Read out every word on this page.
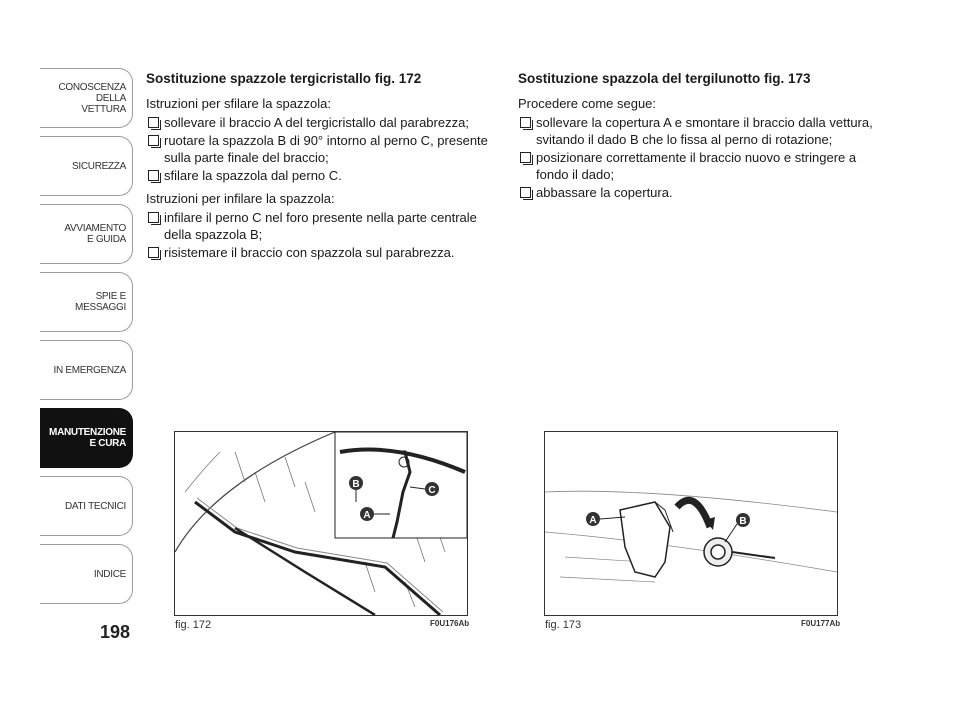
CONOSCENZA
DELLA
VETTURA
SICUREZZA
AVVIAMENTO
E GUIDA
SPIE E
MESSAGGI
IN EMERGENZA
MANUTENZIONE
E CURA
DATI TECNICI
INDICE
198
Sostituzione spazzole tergicristallo fig. 172

Istruzioni per sfilare la spazzola:

sollevare il braccio A del tergicristallo dal parabrezza;
ruotare la spazzola B di 90° intorno al perno C, presente sulla parte finale del braccio;
sfilare la spazzola dal perno C.

Istruzioni per infilare la spazzola:

infilare il perno C nel foro presente nella parte centrale della spazzola B;
risistemare il braccio con spazzola sul parabrezza.
Sostituzione spazzola del tergilunotto fig. 173

Procedere come segue:

sollevare la copertura A e smontare il braccio dalla vettura, svitando il dado B che lo fissa al perno di rotazione;
posizionare correttamente il braccio nuovo e stringere a fondo il dado;
abbassare la copertura.
B
C
A
fig. 172	F0U176Ab
A	B
fig. 173	F0U177Ab
